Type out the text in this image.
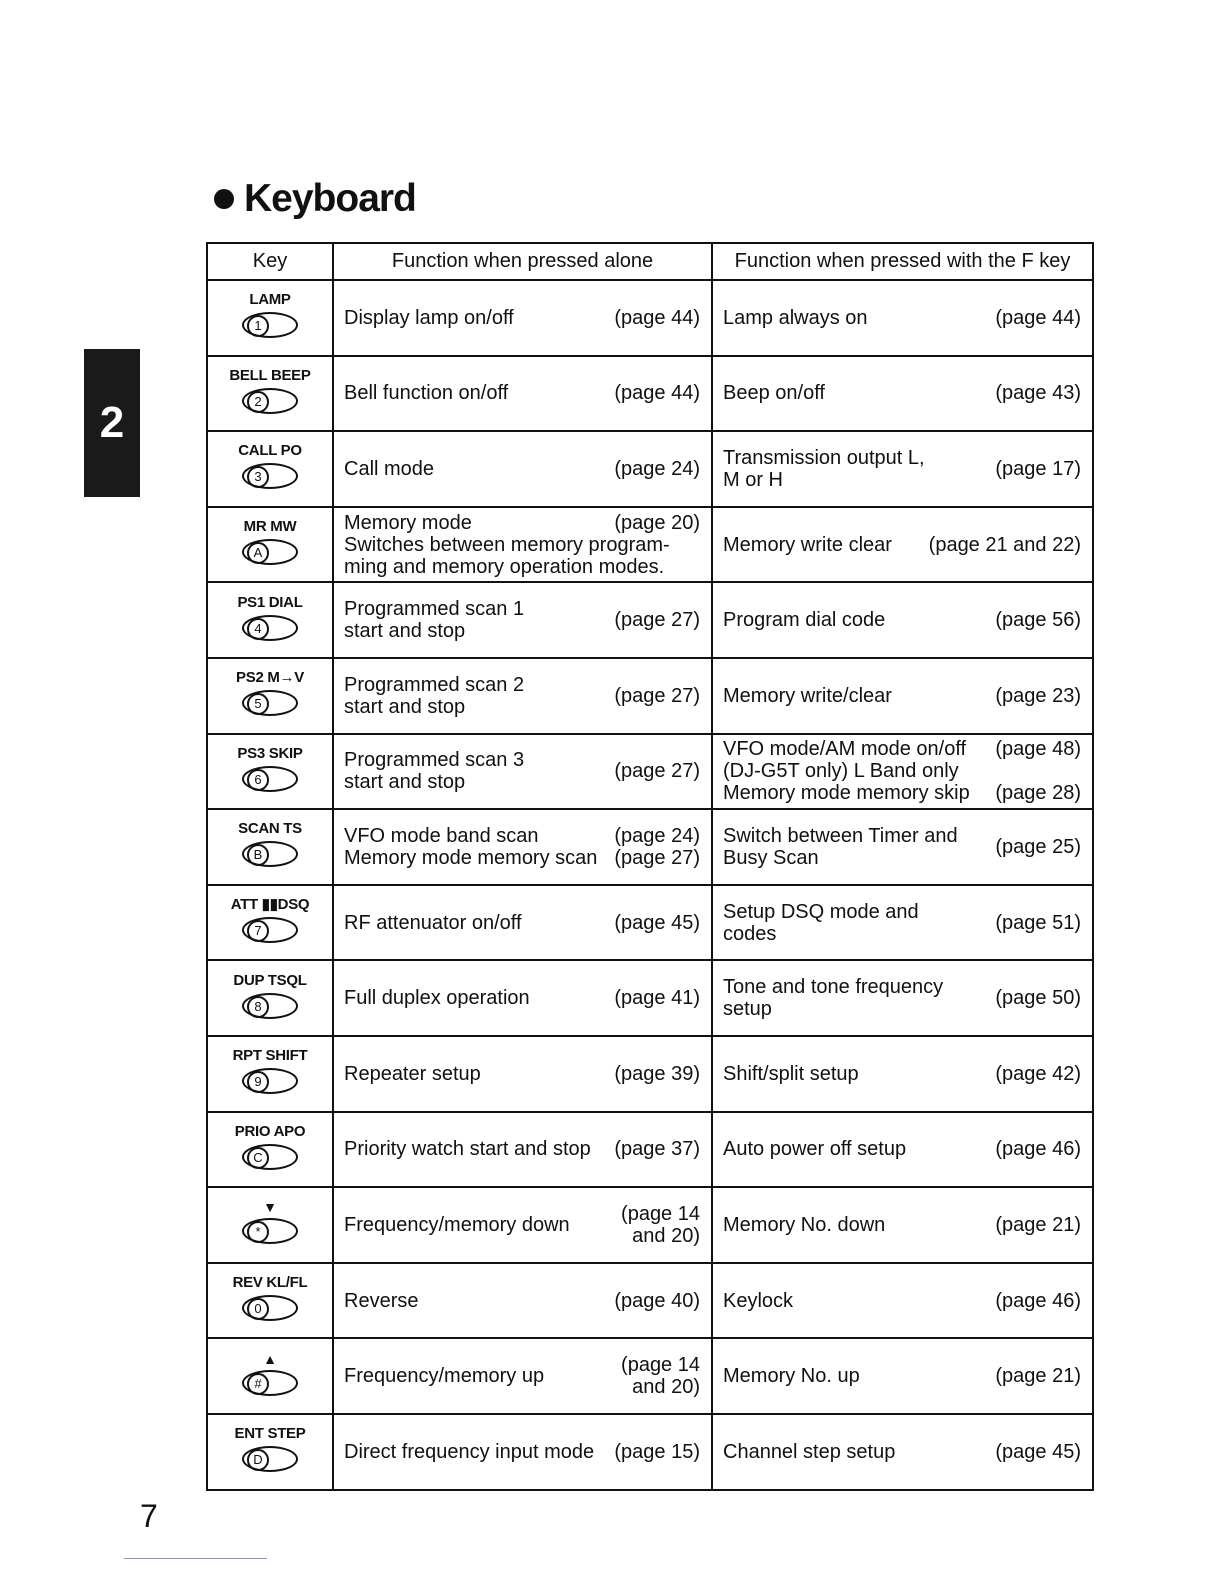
2
Keyboard
Key	Function when pressed alone	Function when pressed with the F key

LAMP
1	Display lamp on/off (page 44)	Lamp always on (page 44)

BELL BEEP
2	Bell function on/off (page 44)	Beep on/off (page 43)

CALL PO
3	Call mode (page 24)	Transmission output L,
M or H (page 17)

MR MW
A	Memory mode (page 20)
Switches between memory program-
ming and memory operation modes.	Memory write clear (page 21 and 22)

PS1 DIAL
4	Programmed scan 1
start and stop (page 27)	Program dial code (page 56)

PS2 M→V
5	Programmed scan 2
start and stop (page 27)	Memory write/clear (page 23)

PS3 SKIP
6	Programmed scan 3
start and stop (page 27)	VFO mode/AM mode on/off (page 48)
(DJ-G5T only) L Band only
Memory mode memory skip (page 28)

SCAN TS
B	VFO mode band scan (page 24)
Memory mode memory scan (page 27)	Switch between Timer and
Busy Scan (page 25)

ATT ▮▮DSQ
7	RF attenuator on/off (page 45)	Setup DSQ mode and
codes (page 51)

DUP TSQL
8	Full duplex operation (page 41)	Tone and tone frequency
setup (page 50)

RPT SHIFT
9	Repeater setup (page 39)	Shift/split setup (page 42)

PRIO APO
C	Priority watch start and stop (page 37)	Auto power off setup (page 46)

▼
*	Frequency/memory down (page 14
and 20)	Memory No. down (page 21)

REV KL/FL
0	Reverse (page 40)	Keylock (page 46)

▲
#	Frequency/memory up (page 14
and 20)	Memory No. up (page 21)

ENT STEP
D	Direct frequency input mode (page 15)	Channel step setup (page 45)
7
